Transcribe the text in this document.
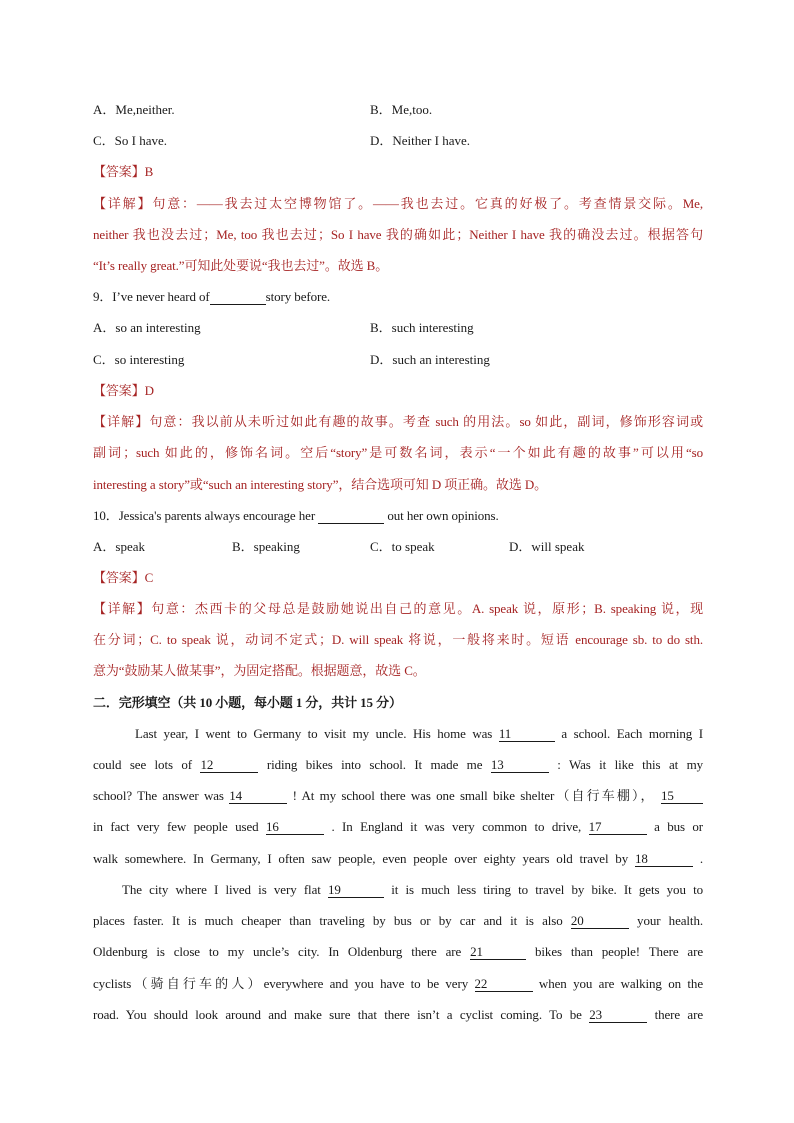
A．Me,neither.	B．Me,too.
C．So I have.	D．Neither I have.
【答案】B
【详解】句意：——我去过太空博物馆了。——我也去过。它真的好极了。考查情景交际。Me,
neither 我也没去过；Me, too 我也去过；So I have 我的确如此；Neither I have 我的确没去过。根据答句
“It’s really great.”可知此处要说“我也去过”。故选 B。
9．I’ve never heard of	story before.
A．so an interesting	B．such interesting
C．so interesting	D．such an interesting
【答案】D
【详解】句意：我以前从未听过如此有趣的故事。考查 such 的用法。so 如此，副词，修饰形容词或
副词；such 如此的，修饰名词。空后“story”是可数名词，表示“一个如此有趣的故事”可以用“so
interesting a story”或“such an interesting story”，结合选项可知 D 项正确。故选 D。
10．Jessica's parents always encourage her	out her own opinions.
A．speak	B．speaking	C．to speak	D．will speak
【答案】C
【详解】句意：杰西卡的父母总是鼓励她说出自己的意见。A. speak 说，原形；B. speaking 说，现
在分词；C. to speak 说，动词不定式；D. will speak 将说，一般将来时。短语 encourage sb. to do sth.
意为“鼓励某人做某事”，为固定搭配。根据题意，故选 C。
二．完形填空（共 10 小题，每小题 1 分，共计 15 分）
Last year, I went to Germany to visit my uncle. His home was 11	a school. Each morning I
could see lots of 12	riding bikes into school. It made me 13	: Was it like this at my
school? The answer was 14	! At my school there was one small bike shelter（自行车棚）， 15
in fact very few people used 16	. In England it was very common to drive, 17	a bus or
walk somewhere. In Germany, I often saw people, even people over eighty years old travel by 18	.
The city where I lived is very flat 19	it is much less tiring to travel by bike. It gets you to
places faster. It is much cheaper than traveling by bus or by car and it is also 20	your health.
Oldenburg is close to my uncle’s city. In Oldenburg there are 21	bikes than people! There are
cyclists（骑自行车的人）everywhere and you have to be very 22	when you are walking on the
road. You should look around and make sure that there isn’t a cyclist coming. To be 23	there are
